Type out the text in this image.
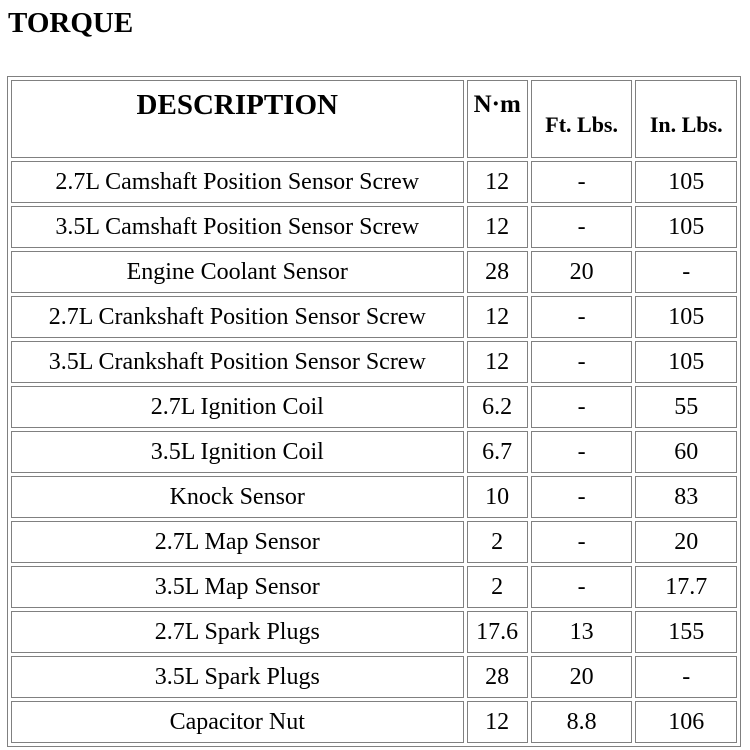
TORQUE
DESCRIPTION	N·m	Ft. Lbs.	In. Lbs.
2.7L Camshaft Position Sensor Screw	12	-	105
3.5L Camshaft Position Sensor Screw	12	-	105
Engine Coolant Sensor	28	20	-
2.7L Crankshaft Position Sensor Screw	12	-	105
3.5L Crankshaft Position Sensor Screw	12	-	105
2.7L Ignition Coil	6.2	-	55
3.5L Ignition Coil	6.7	-	60
Knock Sensor	10	-	83
2.7L Map Sensor	2	-	20
3.5L Map Sensor	2	-	17.7
2.7L Spark Plugs	17.6	13	155
3.5L Spark Plugs	28	20	-
Capacitor Nut	12	8.8	106
